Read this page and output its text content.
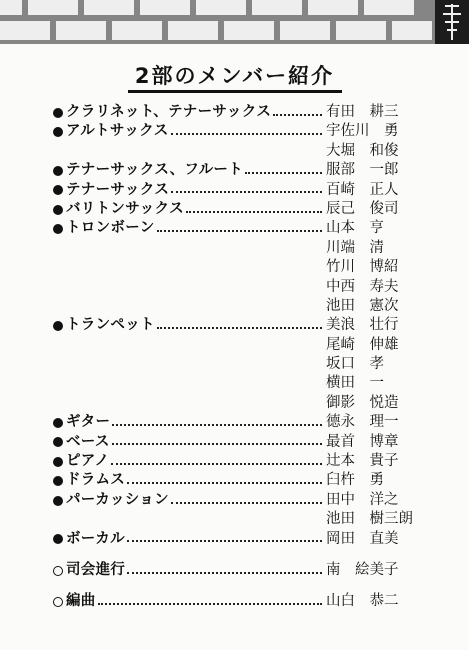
2部のメンバー紹介
クラリネット、テナーサックス	有田　耕三
アルトサックス	宇佐川　勇
大堀　和俊
テナーサックス、フルート	服部　一郎
テナーサックス	百崎　正人
バリトンサックス	辰己　俊司
トロンボーン	山本　亨
川端　清
竹川　博紹
中西　寿夫
池田　憲次
トランペット	美浪　壮行
尾崎　伸雄
坂口　孝
横田　一
御影　悦造
ギター	德永　理一
ベース	最首　博章
ピアノ	辻本　貴子
ドラムス	臼杵　勇
パーカッション	田中　洋之
池田　樹三朗
ボーカル	岡田　直美
司会進行	南　絵美子
編曲	山白　恭二
